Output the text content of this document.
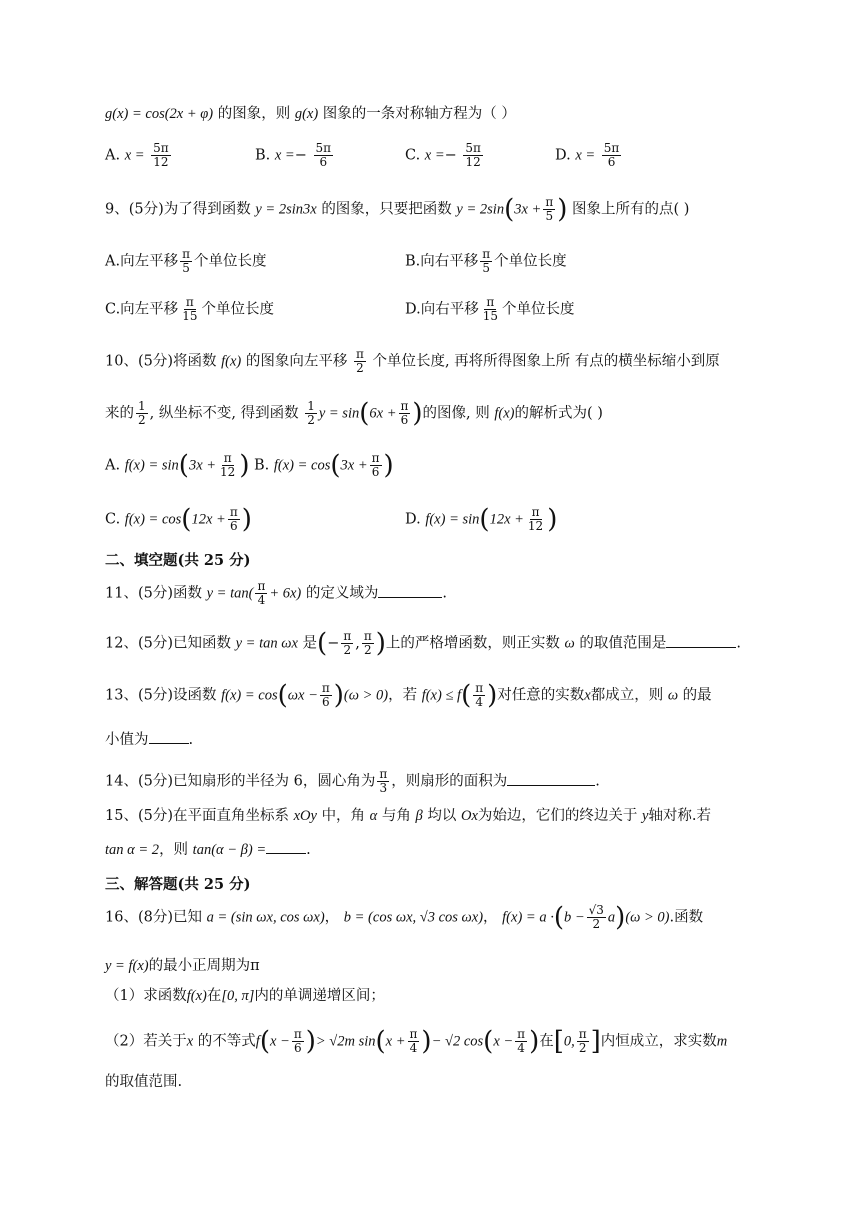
g(x) = cos(2x + φ) 的图象，则 g(x) 图象的一条对称轴方程为（ ）
A. $x = \frac{5\pi}{12}$	B. $x =- \frac{5\pi}{6}$	C. $x =- \frac{5\pi}{12}$	D. $x = \frac{5\pi}{6}$
9、(5分)为了得到函数 y = 2sin3x 的图象，只要把函数 $y = 2\sin(3x + \frac{\pi}{5}$ ) 图象上所有的点( )
A.向左平移 $\frac{\pi}{5}$ 个单位长度	B.向右平移 $\frac{\pi}{5}$ 个单位长度
C.向左平移 $\frac{\pi}{15}$ 个单位长度	D.向右平移 $\frac{\pi}{15}$ 个单位长度
10、(5分)将函数 f(x) 的图象向左平移 $\frac{\pi}{2}$ 个单位长度, 再将所得图象上所 有点的横坐标缩小到原
来的 $\frac{1}{2}$ , 纵坐标不变, 得到函数 $\frac{1}{2}$ $y = \sin(6x + \frac{\pi}{6}$ )的图像, 则 f(x)的解析式为( )
A. $f(x) = \sin(3x + \frac{\pi}{12}$ ) B. $f(x) = \cos(3x + \frac{\pi}{6}$ )
C. $f(x) = \cos(12x + \frac{\pi}{6}$ )	D. $f(x) = \sin(12x + \frac{\pi}{12}$ )
二、填空题(共 25 分)
11、(5分)函数 $y = \tan( \frac{\pi}{4} + 6x)$ 的定义域为	.
12、(5分)已知函数 y = tan ωx 是(− $\frac{\pi}{2}$ , $\frac{\pi}{2}$ )上的严格增函数，则正实数 ω 的取值范围是	.
13、(5分)设函数 $f(x) = \cos(\omega x - \frac{\pi}{6} )(\omega > 0)$，若 $f(x) \le f( \frac{\pi}{4}$ )对任意的实数x都成立，则 ω 的最
小值为	.
14、(5分)已知扇形的半径为 6，圆心角为 $\frac{\pi}{3}$ ，则扇形的面积为	.
15、(5分)在平面直角坐标系 xOy 中，角 α 与角 β 均以 Ox为始边，它们的终边关于 y轴对称.若
tan α = 2，则 tan(α − β) =	.
三、解答题(共 25 分)
16、(8分)已知 a = (sin ωx, cos ωx)， b = (cos ωx, √3 cos ωx)， $f(x) = a \cdot(b - \frac{√3}{2} a)(\omega > 0)$.函数
y = f(x)的最小正周期为π
（1）求函数f(x)在[0, π]内的单调递增区间；
（2）若关于x 的不等式$f(x - \frac{\pi}{6}$ )> √2m $\sin(x + \frac{\pi}{4}$ )− √2 $\cos(x - \frac{\pi}{4}$ )在[0, $\frac{\pi}{2}$ ]内恒成立，求实数m
的取值范围.
